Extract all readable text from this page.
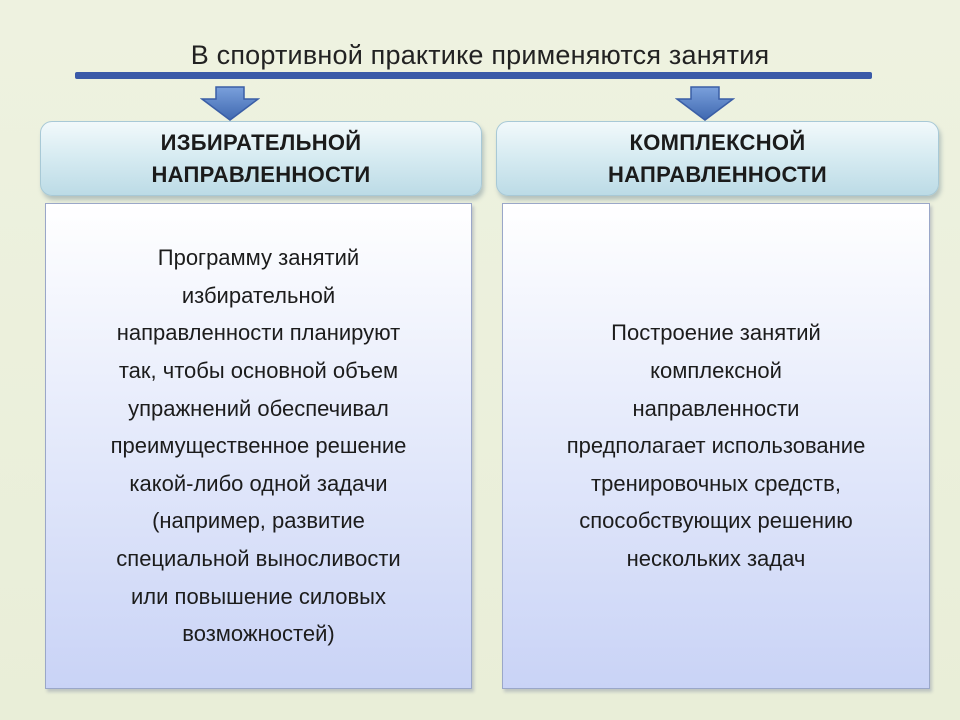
В спортивной практике применяются занятия
ИЗБИРАТЕЛЬНОЙ
НАПРАВЛЕННОСТИ
КОМПЛЕКСНОЙ
НАПРАВЛЕННОСТИ
Программу занятий
избирательной
направленности планируют
так, чтобы основной объем
упражнений обеспечивал
преимущественное решение
какой-либо одной задачи
(например, развитие
специальной выносливости
или повышение силовых
возможностей)
Построение занятий
комплексной
направленности
предполагает использование
тренировочных средств,
способствующих решению
нескольких задач
